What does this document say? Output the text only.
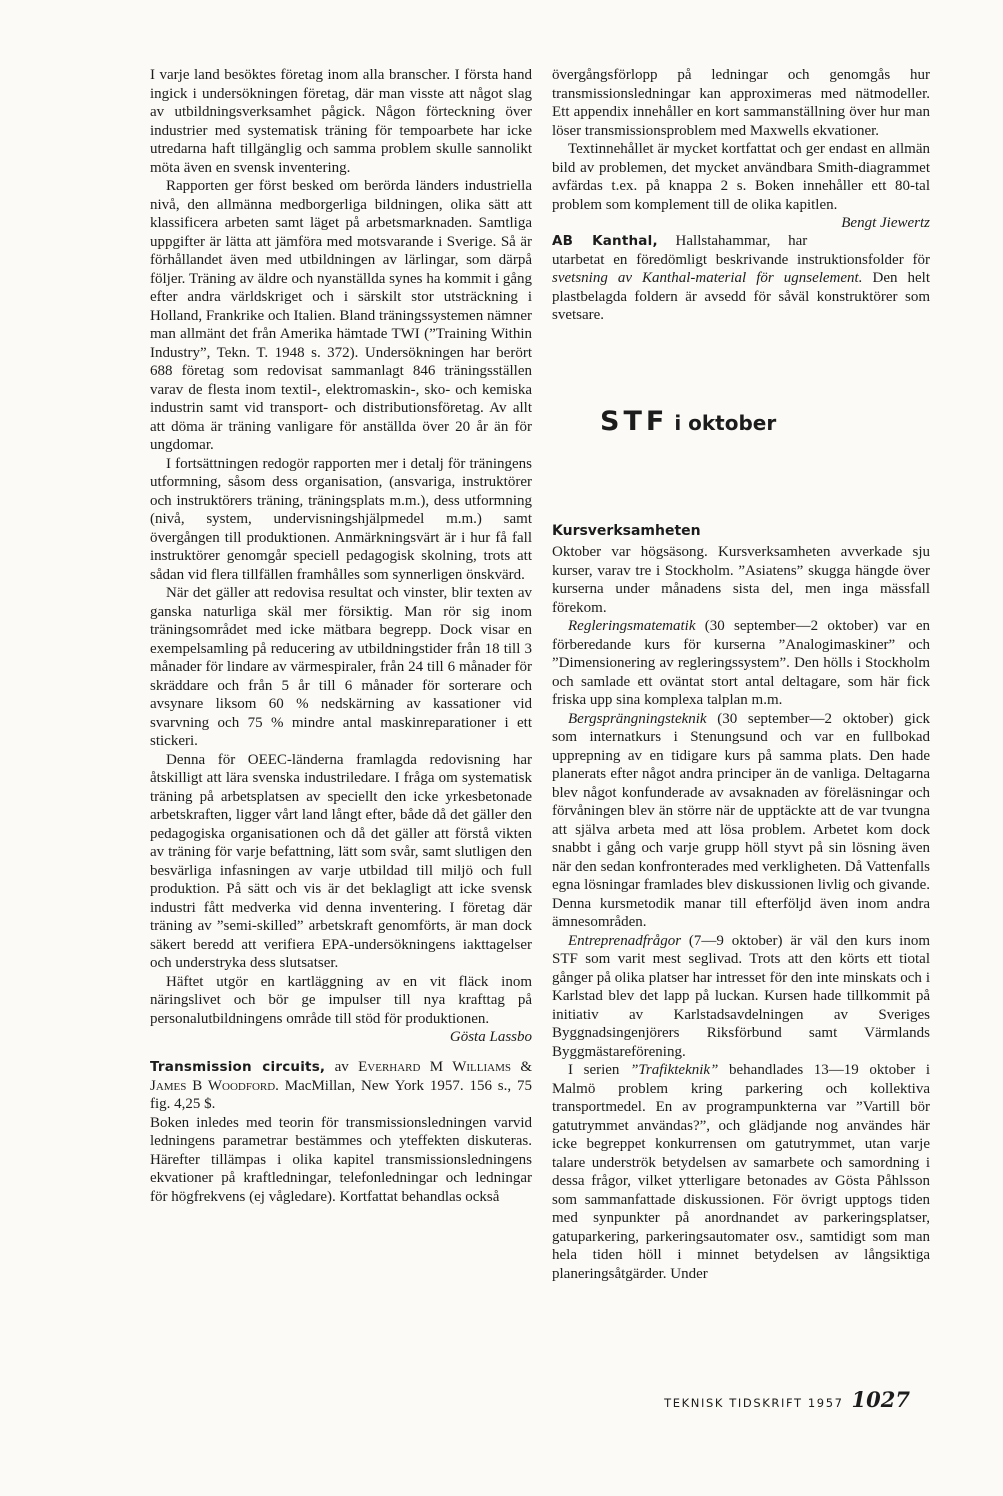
I varje land besöktes företag inom alla branscher. I första hand ingick i undersökningen företag, där man visste att något slag av utbildningsverksamhet pågick. Någon förteckning över industrier med systematisk träning för tempoarbete har icke utredarna haft tillgänglig och samma problem skulle sannolikt möta även en svensk inventering.

Rapporten ger först besked om berörda länders industriella nivå, den allmänna medborgerliga bildningen, olika sätt att klassificera arbeten samt läget på arbetsmarknaden. Samtliga uppgifter är lätta att jämföra med motsvarande i Sverige. Så är förhållandet även med utbildningen av lärlingar, som därpå följer. Träning av äldre och nyanställda synes ha kommit i gång efter andra världskriget och i särskilt stor utsträckning i Holland, Frankrike och Italien. Bland träningssystemen nämner man allmänt det från Amerika hämtade TWI (”Training Within Industry”, Tekn. T. 1948 s. 372). Undersökningen har berört 688 företag som redovisat sammanlagt 846 träningsställen varav de flesta inom textil-, elektromaskin-, sko- och kemiska industrin samt vid transport- och distributionsföretag. Av allt att döma är träning vanligare för anställda över 20 år än för ungdomar.

I fortsättningen redogör rapporten mer i detalj för träningens utformning, såsom dess organisation, (ansvariga, instruktörer och instruktörers träning, träningsplats m.m.), dess utformning (nivå, system, undervisningshjälpmedel m.m.) samt övergången till produktionen. Anmärkningsvärt är i hur få fall instruktörer genomgår speciell pedagogisk skolning, trots att sådan vid flera tillfällen framhålles som synnerligen önskvärd.

När det gäller att redovisa resultat och vinster, blir texten av ganska naturliga skäl mer försiktig. Man rör sig inom träningsområdet med icke mätbara begrepp. Dock visar en exempelsamling på reducering av utbildningstider från 18 till 3 månader för lindare av värmespiraler, från 24 till 6 månader för skräddare och från 5 år till 6 månader för sorterare och avsynare liksom 60 % nedskärning av kassationer vid svarvning och 75 % mindre antal maskinreparationer i ett stickeri.

Denna för OEEC-länderna framlagda redovisning har åtskilligt att lära svenska industriledare. I fråga om systematisk träning på arbetsplatsen av speciellt den icke yrkesbetonade arbetskraften, ligger vårt land långt efter, både då det gäller den pedagogiska organisationen och då det gäller att förstå vikten av träning för varje befattning, lätt som svår, samt slutligen den besvärliga infasningen av varje utbildad till miljö och full produktion. På sätt och vis är det beklagligt att icke svensk industri fått medverka vid denna inventering. I företag där träning av ”semi-skilled” arbetskraft genomförts, är man dock säkert beredd att verifiera EPA-undersökningens iakttagelser och understryka dess slutsatser.

Häftet utgör en kartläggning av en vit fläck inom näringslivet och bör ge impulser till nya krafttag på personalutbildningens område till stöd för produktionen.
Gösta Lassbo

Transmission circuits, av Everhard M Williams & James B Woodford. MacMillan, New York 1957. 156 s., 75 fig. 4,25 $.

Boken inledes med teorin för transmissionsledningen varvid ledningens parametrar bestämmes och yteffekten diskuteras. Härefter tillämpas i olika kapitel transmissionsledningens ekvationer på kraftledningar, telefonledningar och ledningar för högfrekvens (ej vågledare). Kortfattat behandlas också

övergångsförlopp på ledningar och genomgås hur transmissionsledningar kan approximeras med nätmodeller. Ett appendix innehåller en kort sammanställning över hur man löser transmissionsproblem med Maxwells ekvationer.

Textinnehållet är mycket kortfattat och ger endast en allmän bild av problemen, det mycket användbara Smith-diagrammet avfärdas t.ex. på knappa 2 s. Boken innehåller ett 80-tal problem som komplement till de olika kapitlen.
Bengt Jiewertz

AB Kanthal, Hallstahammar, har utarbetat en föredömligt beskrivande instruktionsfolder för svetsning av Kanthal-material för ugnselement. Den helt plastbelagda foldern är avsedd för såväl konstruktörer som svetsare.

STF i oktober
Kursverksamheten

Oktober var högsäsong. Kursverksamheten avverkade sju kurser, varav tre i Stockholm. ”Asiatens” skugga hängde över kurserna under månadens sista del, men inga mässfall förekom.

Regleringsmatematik (30 september—2 oktober) var en förberedande kurs för kurserna ”Analogimaskiner” och ”Dimensionering av regleringssystem”. Den hölls i Stockholm och samlade ett oväntat stort antal deltagare, som här fick friska upp sina komplexa talplan m.m.

Bergsprängningsteknik (30 september—2 oktober) gick som internatkurs i Stenungsund och var en fullbokad upprepning av en tidigare kurs på samma plats. Den hade planerats efter något andra principer än de vanliga. Deltagarna blev något konfunderade av avsaknaden av föreläsningar och förvåningen blev än större när de upptäckte att de var tvungna att själva arbeta med att lösa problem. Arbetet kom dock snabbt i gång och varje grupp höll styvt på sin lösning även när den sedan konfronterades med verkligheten. Då Vattenfalls egna lösningar framlades blev diskussionen livlig och givande. Denna kursmetodik manar till efterföljd även inom andra ämnesområden.

Entreprenadfrågor (7—9 oktober) är väl den kurs inom STF som varit mest seglivad. Trots att den körts ett tiotal gånger på olika platser har intresset för den inte minskats och i Karlstad blev det lapp på luckan. Kursen hade tillkommit på initiativ av Karlstadsavdelningen av Sveriges Byggnadsingenjörers Riksförbund samt Värmlands Byggmästareförening.

I serien ”Trafikteknik” behandlades 13—19 oktober i Malmö problem kring parkering och kollektiva transportmedel. En av programpunkterna var ”Vartill bör gatutrymmet användas?”, och glädjande nog användes här icke begreppet konkurrensen om gatutrymmet, utan varje talare underströk betydelsen av samarbete och samordning i dessa frågor, vilket ytterligare betonades av Gösta Påhlsson som sammanfattade diskussionen. För övrigt upptogs tiden med synpunkter på anordnandet av parkeringsplatser, gatuparkering, parkeringsautomater osv., samtidigt som man hela tiden höll i minnet betydelsen av långsiktiga planeringsåtgärder. Under

TEKNISK TIDSKRIFT 1957 1027
